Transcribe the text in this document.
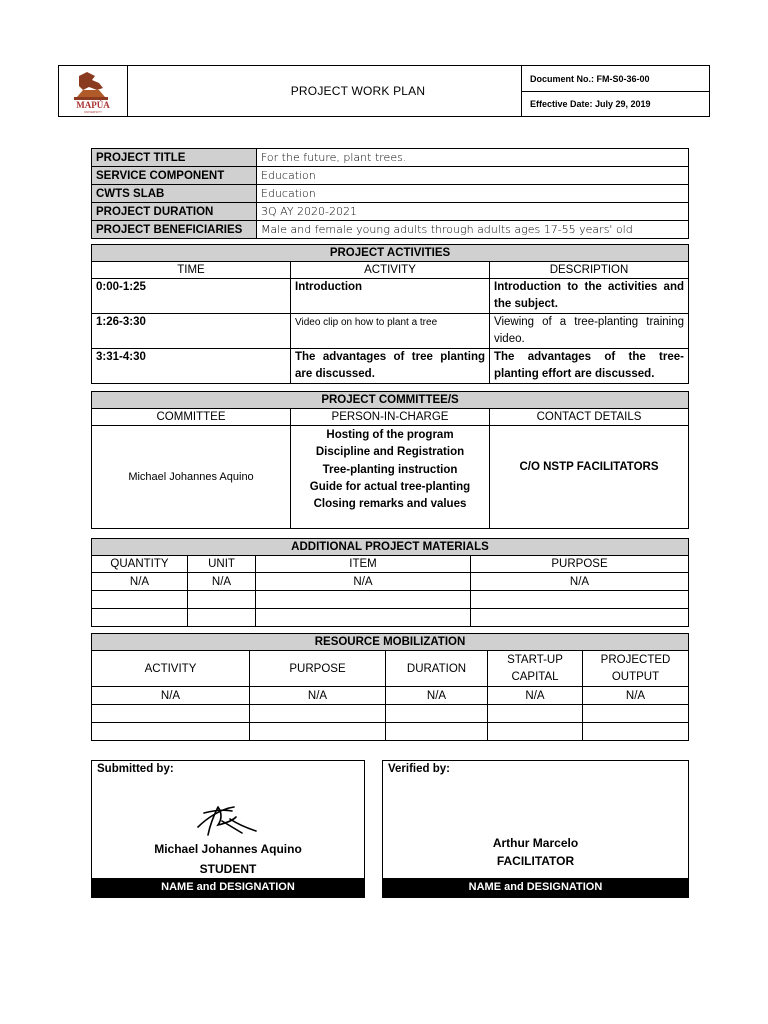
MAPÚA
UNIVERSITY
PROJECT WORK PLAN
Document No.: FM-S0-36-00
Effective Date: July 29, 2019
PROJECT TITLE	For the future, plant trees.
SERVICE COMPONENT	Education
CWTS SLAB	Education
PROJECT DURATION	3Q AY 2020-2021
PROJECT BENEFICIARIES	Male and female young adults through adults ages 17-55 years' old
PROJECT ACTIVITIES		
TIME	ACTIVITY	DESCRIPTION
0:00-1:25	Introduction	Introduction to the activities and the subject.
1:26-3:30	Video clip on how to plant a tree	Viewing of a tree-planting training video.
3:31-4:30	The advantages of tree planting are discussed.	The advantages of the tree-planting effort are discussed.
PROJECT COMMITTEE/S		
COMMITTEE	PERSON-IN-CHARGE	CONTACT DETAILS
Michael Johannes Aquino	Hosting of the program
Discipline and Registration
Tree-planting instruction
Guide for actual tree-planting
Closing remarks and values	C/O NSTP FACILITATORS
ADDITIONAL PROJECT MATERIALS			
QUANTITY	UNIT	ITEM	PURPOSE
N/A	N/A	N/A	N/A

RESOURCE MOBILIZATION				
ACTIVITY	PURPOSE	DURATION	START-UP CAPITAL	PROJECTED OUTPUT
N/A	N/A	N/A	N/A	N/A

Submitted by:
Michael Johannes Aquino
STUDENT
NAME and DESIGNATION
Verified by:
Arthur Marcelo
FACILITATOR
NAME and DESIGNATION
